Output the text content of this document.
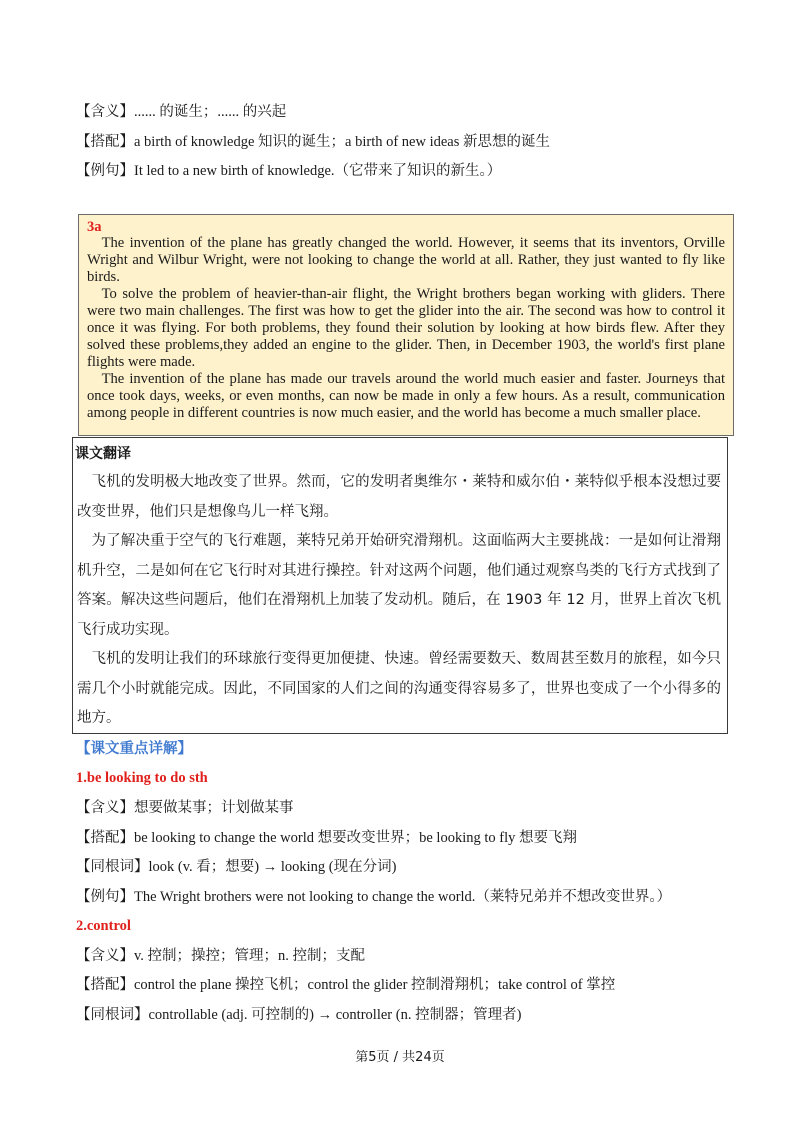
【含义】...... 的诞生；...... 的兴起
【搭配】a birth of knowledge 知识的诞生；a birth of new ideas 新思想的诞生
【例句】It led to a new birth of knowledge.（它带来了知识的新生。）
3a

The invention of the plane has greatly changed the world. However, it seems that its inventors, Orville Wright and Wilbur Wright, were not looking to change the world at all. Rather, they just wanted to fly like birds.

To solve the problem of heavier-than-air flight, the Wright brothers began working with gliders. There were two main challenges. The first was how to get the glider into the air. The second was how to control it once it was flying. For both problems, they found their solution by looking at how birds flew. After they solved these problems,they added an engine to the glider. Then, in December 1903, the world's first plane flights were made.

The invention of the plane has made our travels around the world much easier and faster. Journeys that once took days, weeks, or even months, can now be made in only a few hours. As a result, communication among people in different countries is now much easier, and the world has become a much smaller place.

课文翻译

飞机的发明极大地改变了世界。然而，它的发明者奥维尔・莱特和威尔伯・莱特似乎根本没想过要改变世界，他们只是想像鸟儿一样飞翔。

为了解决重于空气的飞行难题，莱特兄弟开始研究滑翔机。这面临两大主要挑战：一是如何让滑翔机升空，二是如何在它飞行时对其进行操控。针对这两个问题，他们通过观察鸟类的飞行方式找到了答案。解决这些问题后，他们在滑翔机上加装了发动机。随后，在 1903 年 12 月，世界上首次飞机飞行成功实现。

飞机的发明让我们的环球旅行变得更加便捷、快速。曾经需要数天、数周甚至数月的旅程，如今只需几个小时就能完成。因此，不同国家的人们之间的沟通变得容易多了，世界也变成了一个小得多的地方。

【课文重点详解】
1.be looking to do sth
【含义】想要做某事；计划做某事
【搭配】be looking to change the world 想要改变世界；be looking to fly 想要飞翔
【同根词】look (v. 看；想要) → looking (现在分词)
【例句】The Wright brothers were not looking to change the world.（莱特兄弟并不想改变世界。）
2.control
【含义】v. 控制；操控；管理；n. 控制；支配
【搭配】control the plane 操控飞机；control the glider 控制滑翔机；take control of 掌控
【同根词】controllable (adj. 可控制的) → controller (n. 控制器；管理者)
第5页 / 共24页
